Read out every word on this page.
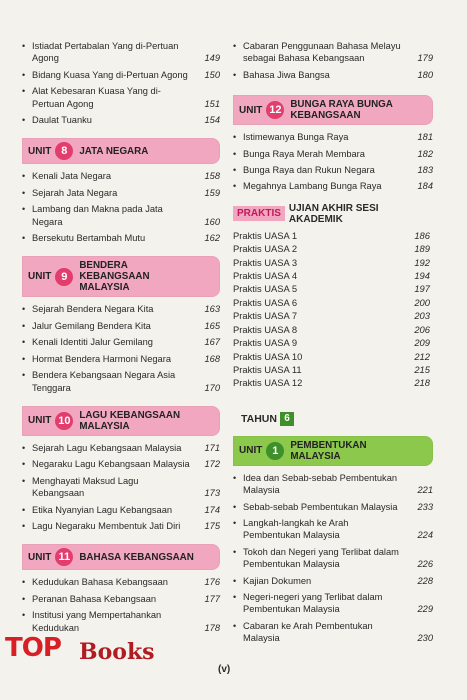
• Istiadat Pertabalan Yang di-Pertuan Agong	149
• Bidang Kuasa Yang di-Pertuan Agong 150
• Alat Kebesaran Kuasa Yang di-Pertuan Agong	151
• Daulat Tuanku	154
UNIT 8	JATA NEGARA
• Kenali Jata Negara	158
• Sejarah Jata Negara	159
• Lambang dan Makna pada Jata Negara	160
• Bersekutu Bertambah Mutu	162
UNIT 9
BENDERA KEBANGSAAN MALAYSIA
• Sejarah Bendera Negara Kita	163
• Jalur Gemilang Bendera Kita	165
• Kenali Identiti Jalur Gemilang	167
• Hormat Bendera Harmoni Negara	168
• Bendera Kebangsaan Negara Asia Tenggara	170
UNIT 10 LAGU KEBANGSAAN MALAYSIA
• Sejarah Lagu Kebangsaan Malaysia 171
• Negaraku Lagu Kebangsaan Malaysia 172
• Menghayati Maksud Lagu Kebangsaan	173
• Etika Nyanyian Lagu Kebangsaan	174
• Lagu Negaraku Membentuk Jati Diri	175
UNIT 11 BAHASA KEBANGSAAN
• Kedudukan Bahasa Kebangsaan	176
• Peranan Bahasa Kebangsaan	177
• Institusi yang Mempertahankan Kedudukan	178
• Cabaran Penggunaan Bahasa Melayu sebagai Bahasa Kebangsaan	179
• Bahasa Jiwa Bangsa	180
UNIT 12 BUNGA RAYA BUNGA KEBANGSAAN
• Istimewanya Bunga Raya	181
• Bunga Raya Merah Membara	182
• Bunga Raya dan Rukun Negara	183
• Megahnya Lambang Bunga Raya	184
PRAKTIS UJIAN AKHIR SESI AKADEMIK
Praktis UASA 1	186
Praktis UASA 2	189
Praktis UASA 3	192
Praktis UASA 4	194
Praktis UASA 5	197
Praktis UASA 6	200
Praktis UASA 7	203
Praktis UASA 8	206
Praktis UASA 9	209
Praktis UASA 10	212
Praktis UASA 11	215
Praktis UASA 12	218
TAHUN 6
UNIT 1	PEMBENTUKAN MALAYSIA
• Idea dan Sebab-sebab Pembentukan Malaysia	221
• Sebab-sebab Pembentukan Malaysia 233
• Langkah-langkah ke Arah Pembentukan Malaysia	224
• Tokoh dan Negeri yang Terlibat dalam Pembentukan Malaysia	226
• Kajian Dokumen	228
• Negeri-negeri yang Terlibat dalam Pembentukan Malaysia	229
• Cabaran ke Arah Pembentukan Malaysia	230
(v)
TOP Books
